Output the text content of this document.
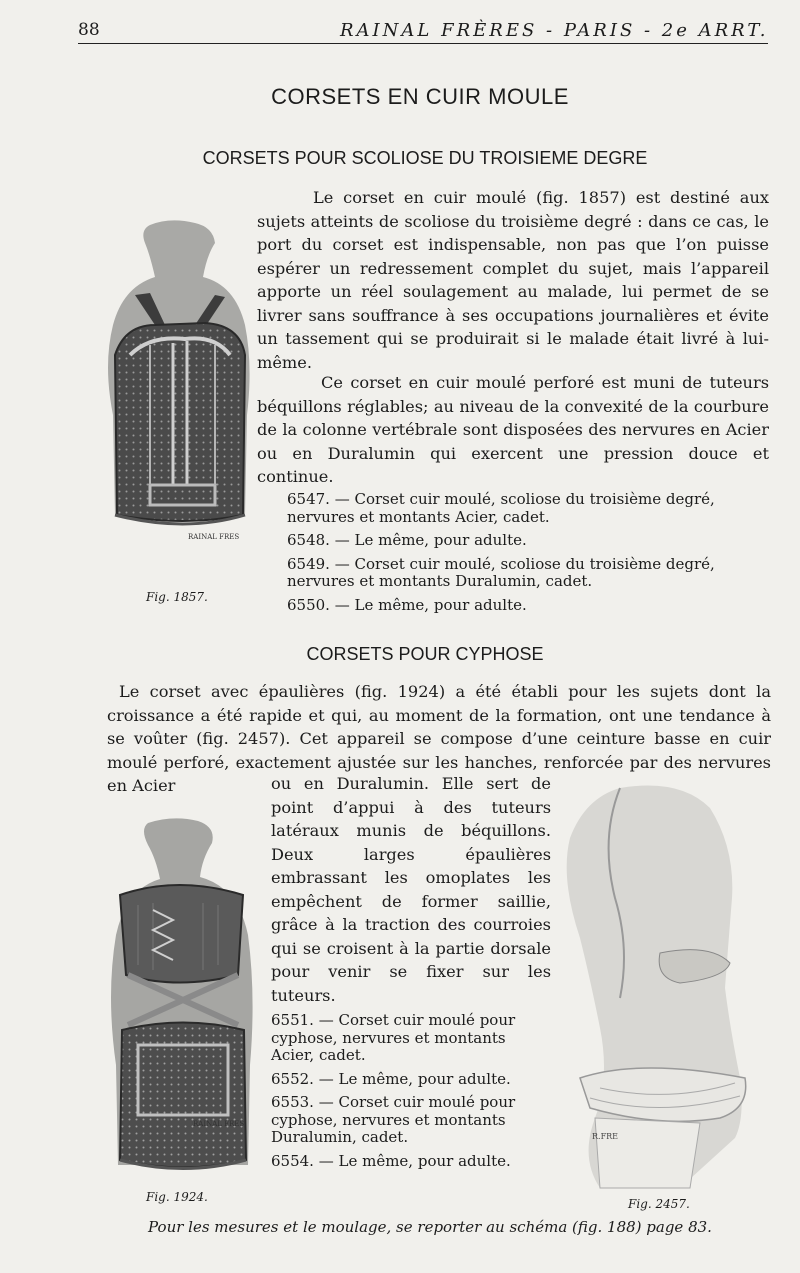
88	RAINAL FRÈRES - PARIS - 2e ARRT.
CORSETS EN CUIR MOULE
CORSETS POUR SCOLIOSE DU TROISIEME DEGRE
RAINAL FRES
Fig. 1857.

Le corset en cuir moulé (fig. 1857) est destiné aux sujets atteints de scoliose du troisième degré : dans ce cas, le port du corset est indispensable, non pas que l’on puisse espérer un redressement complet du sujet, mais l’appareil apporte un réel soulagement au malade, lui permet de se livrer sans souffrance à ses occupations journalières et évite un tassement qui se produirait si le malade était livré à lui-même.

Ce corset en cuir moulé perforé est muni de tuteurs béquillons réglables; au niveau de la convexité de la courbure de la colonne vertébrale sont disposées des nervures en Acier ou en Duralumin qui exercent une pression douce et continue.

6547. — Corset cuir moulé, scoliose du troisième degré, nervures et montants Acier, cadet.
6548. — Le même, pour adulte.
6549. — Corset cuir moulé, scoliose du troisième degré, nervures et montants Duralumin, cadet.
6550. — Le même, pour adulte.
CORSETS POUR CYPHOSE

Le corset avec épaulières (fig. 1924) a été établi pour les sujets dont la croissance a été rapide et qui, au moment de la formation, ont une tendance à se voûter (fig. 2457). Cet appareil se compose d’une ceinture basse en cuir moulé perforé, exactement ajustée sur les hanches, renforcée par des nervures en Acier	ou en Duralumin. Elle sert de point d’appui à des tuteurs latéraux munis de béquillons. Deux larges épaulières embrassant les omoplates les empêchent de former saillie, grâce à la traction des courroies qui se croisent à la partie dorsale pour venir se fixer sur les tuteurs.

RAINAL FRES
Fig. 1924.
R.FRE
Fig. 2457.
6551. — Corset cuir moulé pour cyphose, nervures et montants Acier, cadet.
6552. — Le même, pour adulte.
6553. — Corset cuir moulé pour cyphose, nervures et montants Duralumin, cadet.
6554. — Le même, pour adulte.
Pour les mesures et le moulage, se reporter au schéma (fig. 188) page 83.
